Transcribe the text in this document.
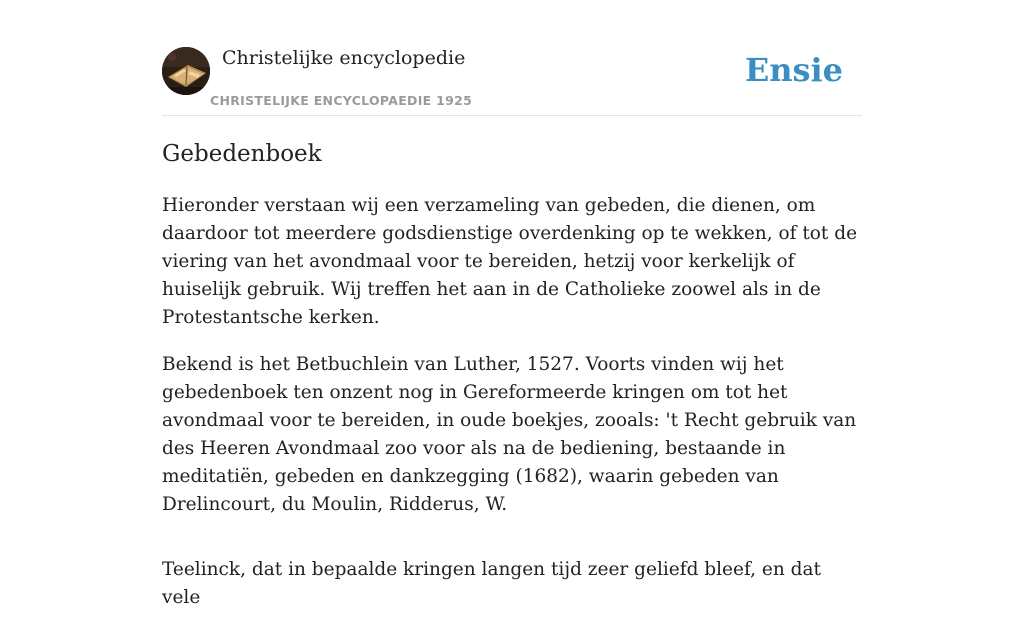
Christelijke encyclopedie
CHRISTELIJKE ENCYCLOPAEDIE 1925
Ensie
Gebedenboek

Hieronder verstaan wij een verzameling van gebeden, die dienen, om daardoor tot meerdere godsdienstige overdenking op te wekken, of tot de viering van het avondmaal voor te bereiden, hetzij voor kerkelijk of huiselijk gebruik. Wij treffen het aan in de Catholieke zoowel als in de Protestantsche kerken.

Bekend is het Betbuchlein van Luther, 1527. Voorts vinden wij het gebedenboek ten onzent nog in Gereformeerde kringen om tot het avondmaal voor te bereiden, in oude boekjes, zooals: 't Recht gebruik van des Heeren Avondmaal zoo voor als na de bediening, bestaande in meditatiën, gebeden en dankzegging (1682), waarin gebeden van Drelincourt, du Moulin, Ridderus, W.

Teelinck, dat in bepaalde kringen langen tijd zeer geliefd bleef, en dat vele
